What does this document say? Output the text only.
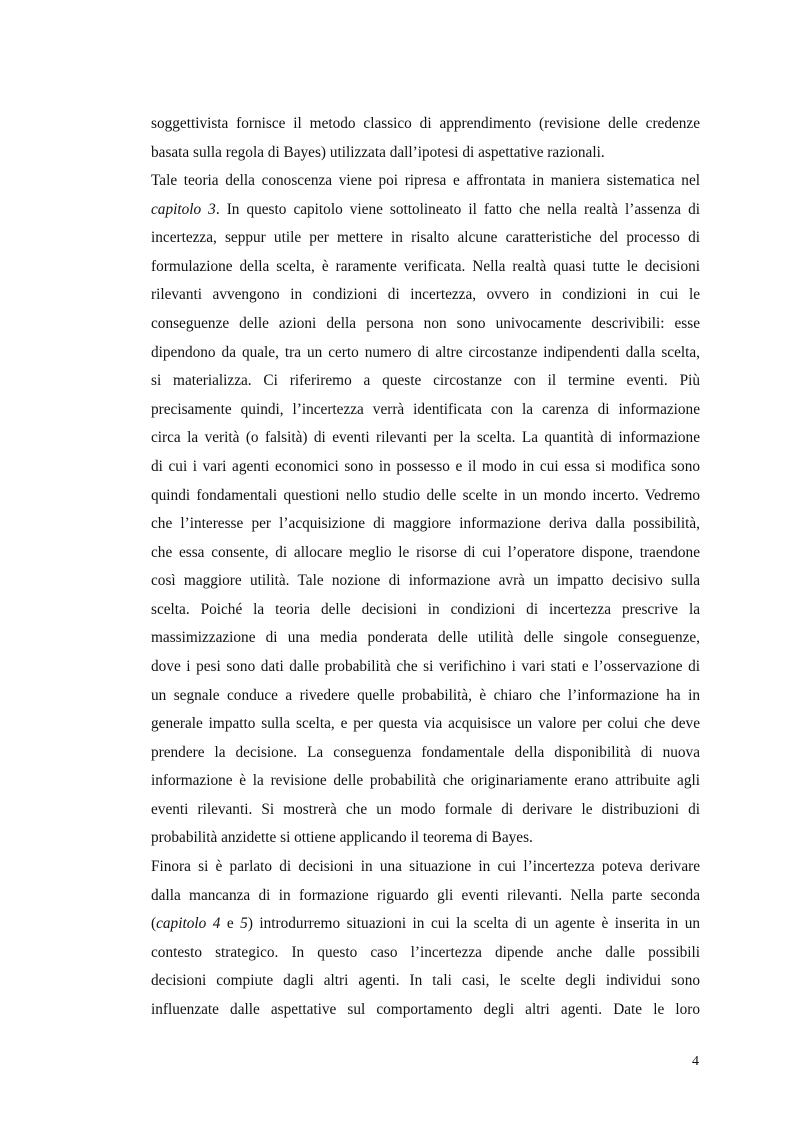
soggettivista fornisce il metodo classico di apprendimento (revisione delle credenze
basata sulla regola di Bayes) utilizzata dall’ipotesi di aspettative razionali.
Tale teoria della conoscenza viene poi ripresa e affrontata in maniera sistematica nel
capitolo 3. In questo capitolo viene sottolineato il fatto che nella realtà l’assenza di
incertezza, seppur utile per mettere in risalto alcune caratteristiche del processo di
formulazione della scelta, è raramente verificata. Nella realtà quasi tutte le decisioni
rilevanti avvengono in condizioni di incertezza, ovvero in condizioni in cui le
conseguenze delle azioni della persona non sono univocamente descrivibili: esse
dipendono da quale, tra un certo numero di altre circostanze indipendenti dalla scelta,
si materializza. Ci riferiremo a queste circostanze con il termine eventi. Più
precisamente quindi, l’incertezza verrà identificata con la carenza di informazione
circa la verità (o falsità) di eventi rilevanti per la scelta. La quantità di informazione
di cui i vari agenti economici sono in possesso e il modo in cui essa si modifica sono
quindi fondamentali questioni nello studio delle scelte in un mondo incerto. Vedremo
che l’interesse per l’acquisizione di maggiore informazione deriva dalla possibilità,
che essa consente, di allocare meglio le risorse di cui l’operatore dispone, traendone
così maggiore utilità. Tale nozione di informazione avrà un impatto decisivo sulla
scelta. Poiché la teoria delle decisioni in condizioni di incertezza prescrive la
massimizzazione di una media ponderata delle utilità delle singole conseguenze,
dove i pesi sono dati dalle probabilità che si verifichino i vari stati e l’osservazione di
un segnale conduce a rivedere quelle probabilità, è chiaro che l’informazione ha in
generale impatto sulla scelta, e per questa via acquisisce un valore per colui che deve
prendere la decisione. La conseguenza fondamentale della disponibilità di nuova
informazione è la revisione delle probabilità che originariamente erano attribuite agli
eventi rilevanti. Si mostrerà che un modo formale di derivare le distribuzioni di
probabilità anzidette si ottiene applicando il teorema di Bayes.
Finora si è parlato di decisioni in una situazione in cui l’incertezza poteva derivare
dalla mancanza di in formazione riguardo gli eventi rilevanti. Nella parte seconda
(capitolo 4 e 5) introdurremo situazioni in cui la scelta di un agente è inserita in un
contesto strategico. In questo caso l’incertezza dipende anche dalle possibili
decisioni compiute dagli altri agenti. In tali casi, le scelte degli individui sono
influenzate dalle aspettative sul comportamento degli altri agenti. Date le loro
4
